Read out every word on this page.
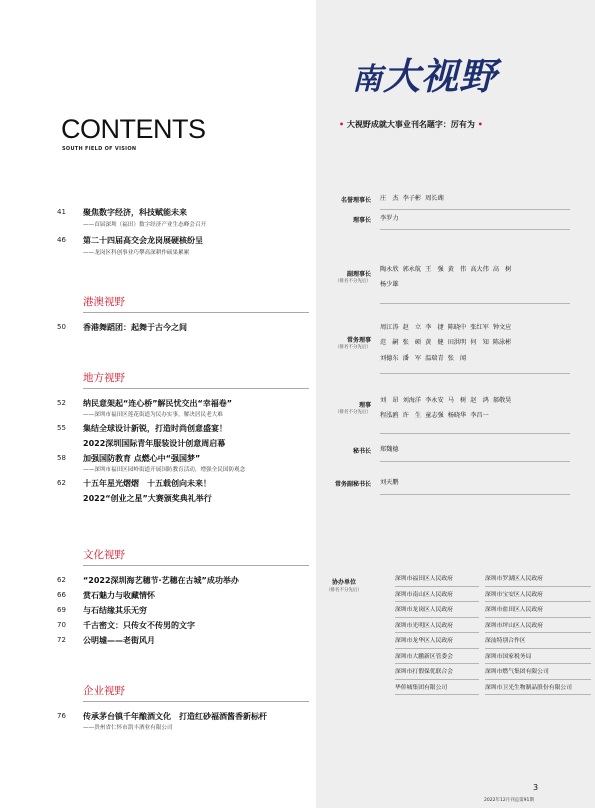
CONTENTS
SOUTH FIELD OF VISION
41	聚焦数字经济，科技赋能未来
——首届深圳（福田）数字经济产业生态峰会召开
46	第二十四届高交会龙岗展硬核纷呈
——龙岗区科创事业巧攀高深耕作硕果累累
港澳视野
50	香港舞蹈团：起舞于古今之间
地方视野
52	纳民意架起“连心桥”解民忧交出“幸福卷”
——深圳市福田区莲花街道为民办实事，解决居民老大难
55	集结全球设计新锐，打造时尚创意盛宴！
2022深圳国际青年服装设计创意周启幕
58	加强国防教育 点燃心中“强国梦”
——深圳市福田区园岭街道开展国防教育活动，增强全民国防观念
62	十五年星光熠熠　十五载创向未来！
2022“创业之星”大赛颁奖典礼举行
文化视野
62	“2022深圳海艺穗节·艺穗在古城”成功举办
66	赏石魅力与收藏情怀
69	与石结缘其乐无穷
70	千古密文：只传女不传男的文字
72	公明墟——老街风月
企业视野
76	传承茅台镇千年酿酒文化　打造红砂福酒酱香新标杆
——贵州省仁怀市凯丰酒业有限公司
南大视野
• 大视野成就大事业刊名题字：厉有为 •
名誉理事长 庄　杰 李子彬 周长瑚
理事长 李罗力
副理事长
（排名不分先后）
陶永欣 郭永航 王　强 黄　伟 高大伟 高　树
杨少雄
常务理事
（排名不分先后）
周江涛 赵　立 李　捷 陈晓中 张红军 钟文应
范　嗣 张　硕 黄　健 田洪明 何　知 陈泳彬
刘德东 潘　军 温瑞青 张　闻
理事
（排名不分先后）
刘　昂 刘海洋 李永安 马　树 赵　鸿 郝敬昊
程泓鸥 许　生 童志强 杨晓华 李昌一
秘书长 郑魏德
常务副秘书长 刘天鹏
协办单位
（排名不分先后）
深圳市福田区人民政府	深圳市罗湖区人民政府
深圳市南山区人民政府	深圳市宝安区人民政府
深圳市龙岗区人民政府	深圳市盐田区人民政府
深圳市光明区人民政府	深圳市坪山区人民政府
深圳市龙华区人民政府	深汕特别合作区
深圳市大鹏新区管委会	深圳市国家税务局
深圳市打假保优联合会	深圳市燃气集团有限公司
华侨城集团有限公司	深圳市卫光生物制品股份有限公司
3
2022年12月刊总第91期
